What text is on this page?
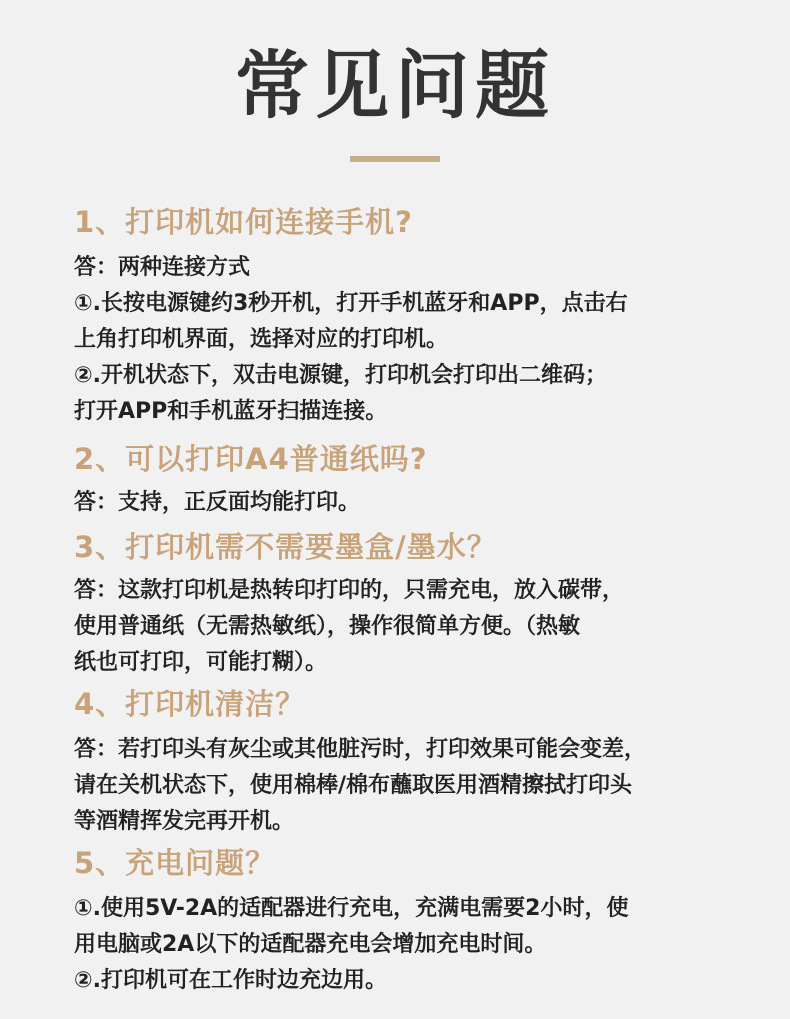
常见问题
1、打印机如何连接手机?
答：两种连接方式
①.长按电源键约3秒开机，打开手机蓝牙和APP，点击右
上角打印机界面，选择对应的打印机。
②.开机状态下，双击电源键，打印机会打印出二维码；
打开APP和手机蓝牙扫描连接。
2、可以打印A4普通纸吗?
答：支持，正反面均能打印。
3、打印机需不需要墨盒/墨水？
答：这款打印机是热转印打印的，只需充电，放入碳带，
使用普通纸（无需热敏纸），操作很简单方便。（热敏
纸也可打印，可能打糊）。
4、打印机清洁？
答：若打印头有灰尘或其他脏污时，打印效果可能会变差，
请在关机状态下，使用棉棒/棉布蘸取医用酒精擦拭打印头
等酒精挥发完再开机。
5、充电问题？
①.使用5V-2A的适配器进行充电，充满电需要2小时，使
用电脑或2A以下的适配器充电会增加充电时间。
②.打印机可在工作时边充边用。
